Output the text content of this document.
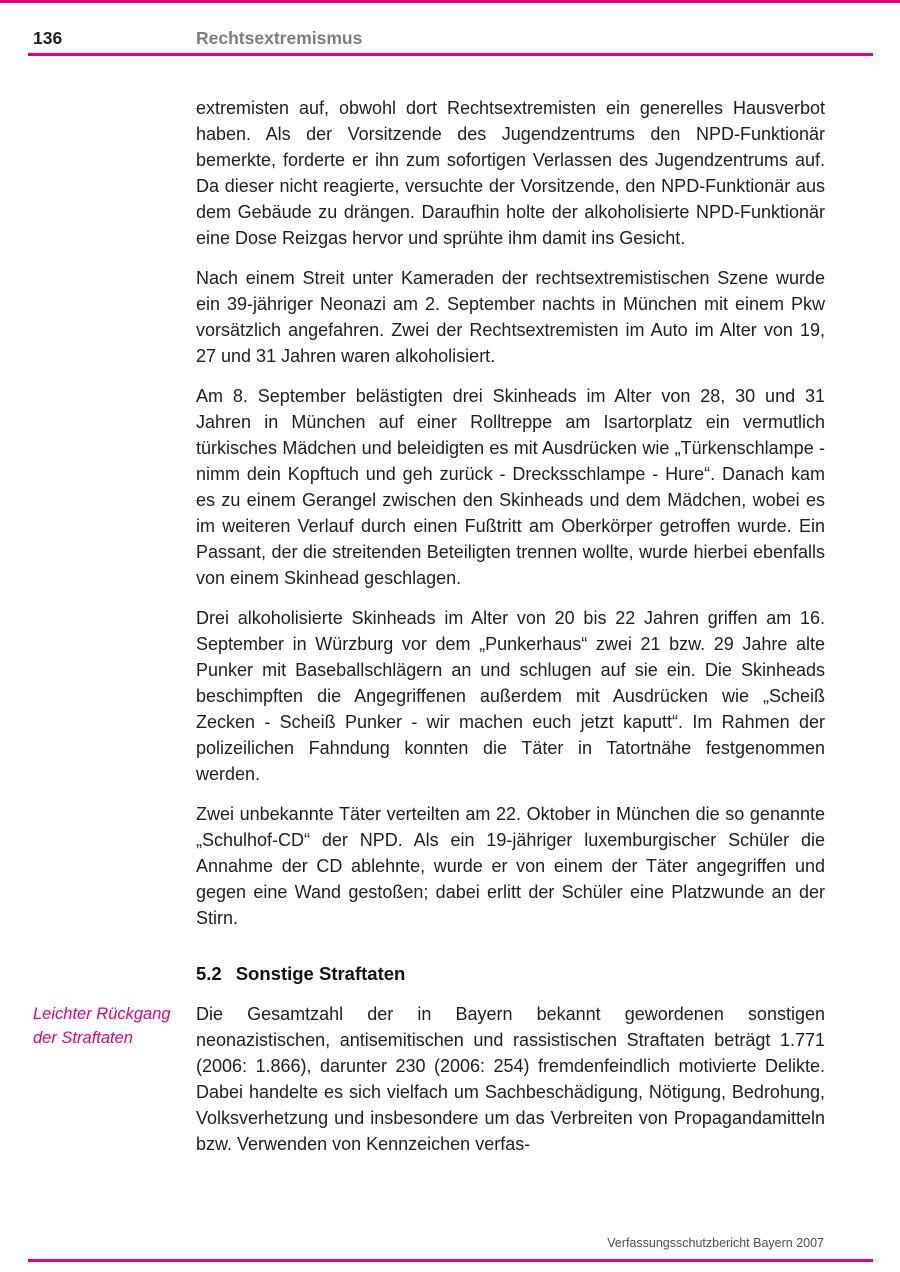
136	Rechtsextremismus

extremisten auf, obwohl dort Rechtsextremisten ein generelles Hausverbot haben. Als der Vorsitzende des Jugendzentrums den NPD-Funktionär bemerkte, forderte er ihn zum sofortigen Verlassen des Jugendzentrums auf. Da dieser nicht reagierte, versuchte der Vorsitzende, den NPD-Funktionär aus dem Gebäude zu drängen. Daraufhin holte der alkoholisierte NPD-Funktionär eine Dose Reizgas hervor und sprühte ihm damit ins Gesicht.

Nach einem Streit unter Kameraden der rechtsextremistischen Szene wurde ein 39-jähriger Neonazi am 2. September nachts in München mit einem Pkw vorsätzlich angefahren. Zwei der Rechtsextremisten im Auto im Alter von 19, 27 und 31 Jahren waren alkoholisiert.

Am 8. September belästigten drei Skinheads im Alter von 28, 30 und 31 Jahren in München auf einer Rolltreppe am Isartorplatz ein vermutlich türkisches Mädchen und beleidigten es mit Ausdrücken wie „Türkenschlampe - nimm dein Kopftuch und geh zurück - Drecksschlampe - Hure“. Danach kam es zu einem Gerangel zwischen den Skinheads und dem Mädchen, wobei es im weiteren Verlauf durch einen Fußtritt am Oberkörper getroffen wurde. Ein Passant, der die streitenden Beteiligten trennen wollte, wurde hierbei ebenfalls von einem Skinhead geschlagen.

Drei alkoholisierte Skinheads im Alter von 20 bis 22 Jahren griffen am 16. September in Würzburg vor dem „Punkerhaus“ zwei 21 bzw. 29 Jahre alte Punker mit Baseballschlägern an und schlugen auf sie ein. Die Skinheads beschimpften die Angegriffenen außerdem mit Ausdrücken wie „Scheiß Zecken - Scheiß Punker - wir machen euch jetzt kaputt“. Im Rahmen der polizeilichen Fahndung konnten die Täter in Tatortnähe festgenommen werden.

Zwei unbekannte Täter verteilten am 22. Oktober in München die so genannte „Schulhof-CD“ der NPD. Als ein 19-jähriger luxemburgischer Schüler die Annahme der CD ablehnte, wurde er von einem der Täter angegriffen und gegen eine Wand gestoßen; dabei erlitt der Schüler eine Platzwunde an der Stirn.

5.2 Sonstige Straftaten
Leichter Rückgang der Straftaten

Die Gesamtzahl der in Bayern bekannt gewordenen sonstigen neonazistischen, antisemitischen und rassistischen Straftaten beträgt 1.771 (2006: 1.866), darunter 230 (2006: 254) fremdenfeindlich motivierte Delikte. Dabei handelte es sich vielfach um Sachbeschädigung, Nötigung, Bedrohung, Volksverhetzung und insbesondere um das Verbreiten von Propagandamitteln bzw. Verwenden von Kennzeichen verfas-

Verfassungsschutzbericht Bayern 2007
